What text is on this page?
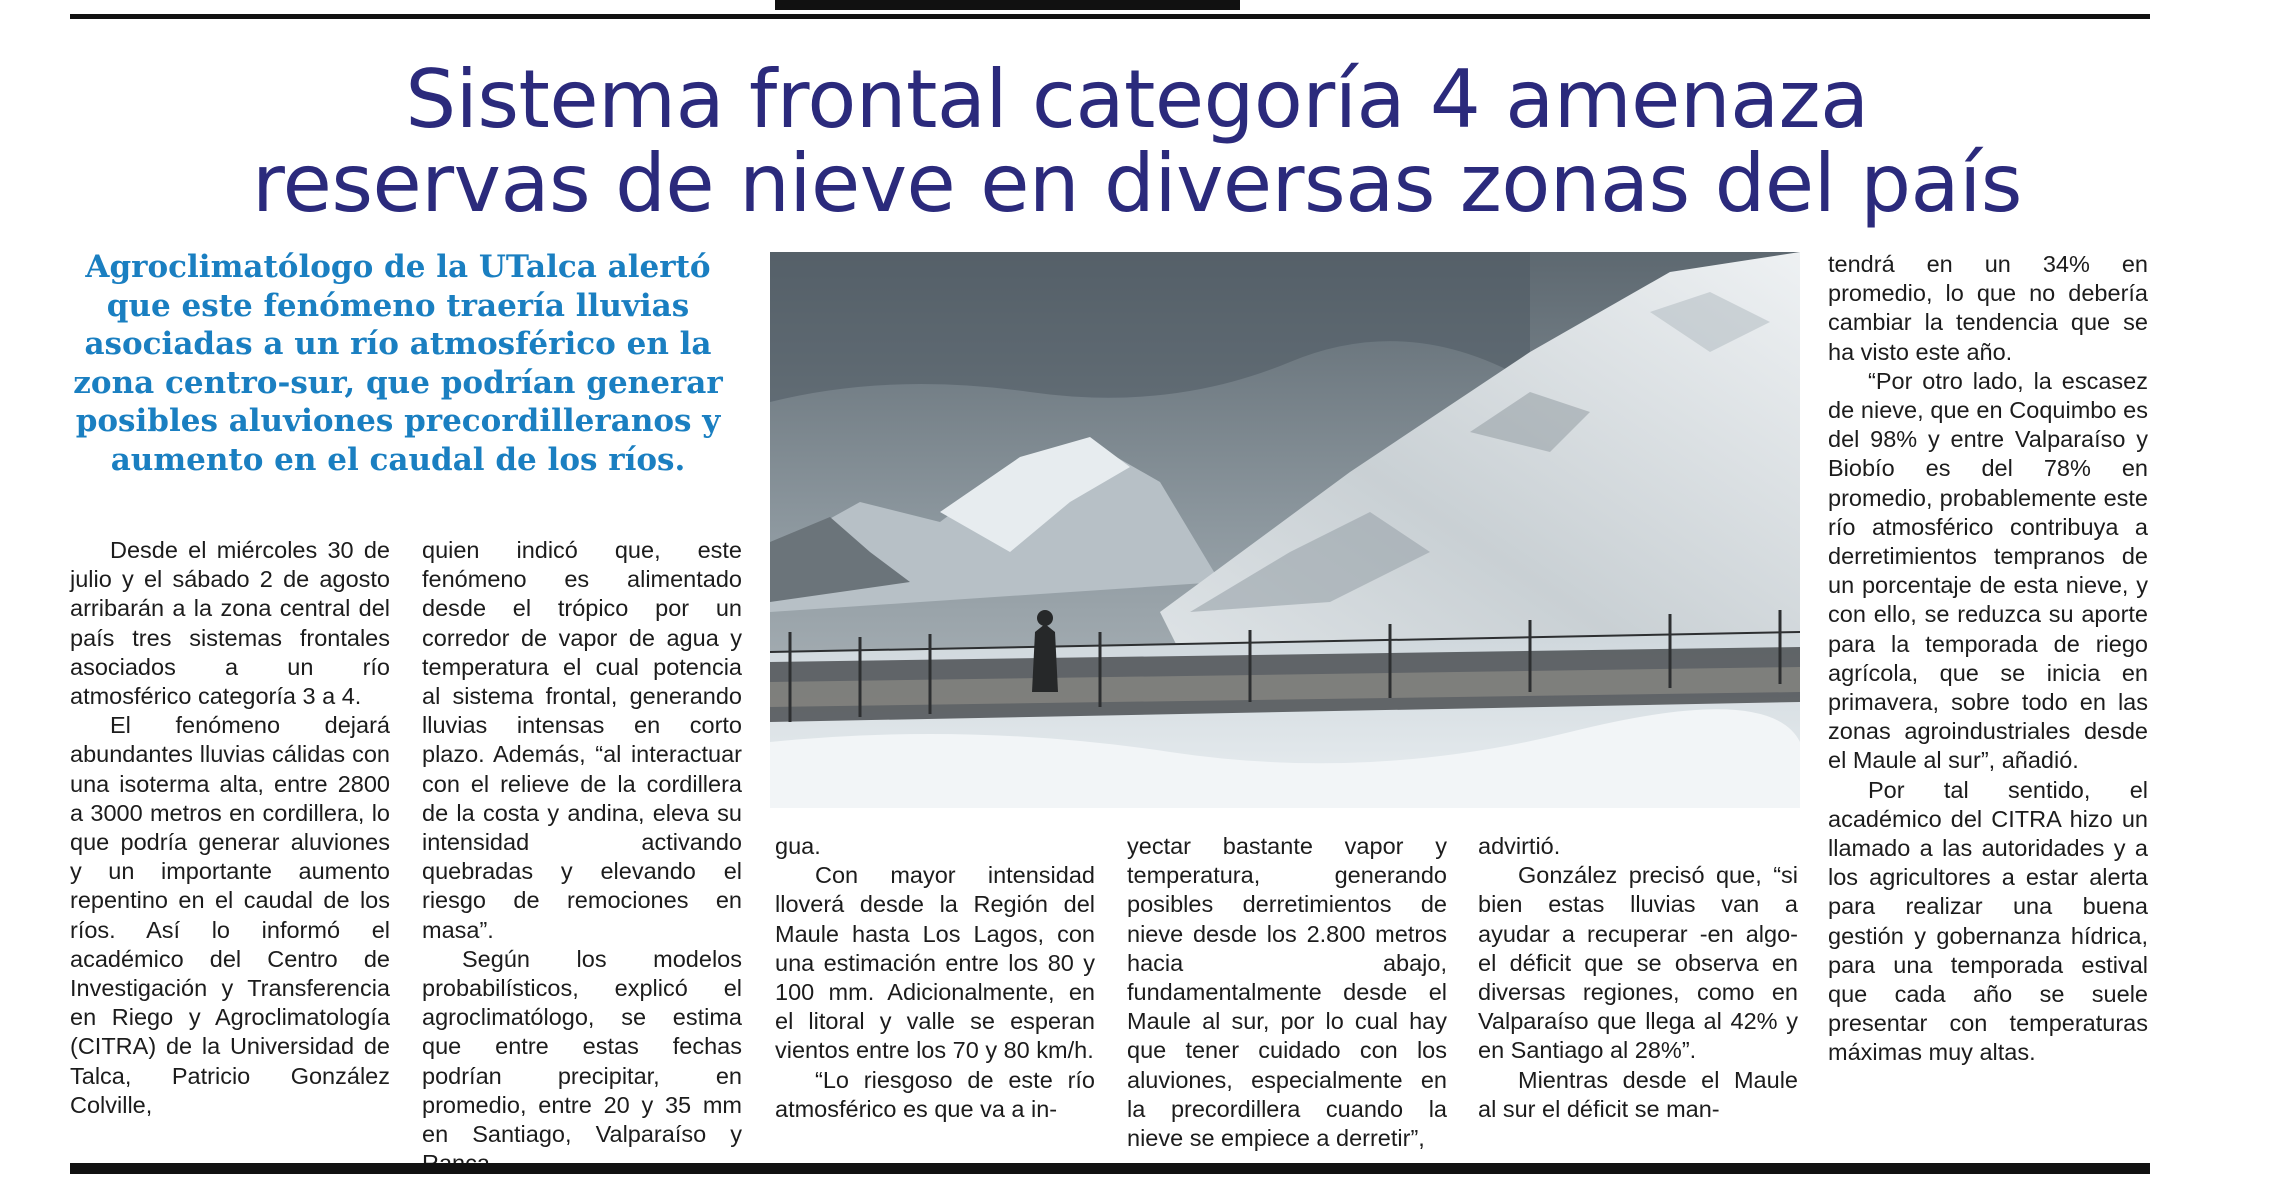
Sistema frontal categoría 4 amenaza
reservas de nieve en diversas zonas del país

Agroclimatólogo de la UTalca alertó que este fenómeno traería lluvias asociadas a un río atmosférico en la zona centro-sur, que podrían generar posibles aluviones precordilleranos y aumento en el caudal de los ríos.

Desde el miércoles 30 de julio y el sábado 2 de agosto arribarán a la zona central del país tres sistemas frontales asociados a un río atmosférico categoría 3 a 4.

El fenómeno dejará abundantes lluvias cálidas con una isoterma alta, entre 2800 a 3000 metros en cordillera, lo que podría generar aluviones y un importante aumento repentino en el caudal de los ríos. Así lo informó el académico del Centro de Investigación y Transferencia en Riego y Agroclimatología (CITRA) de la Universidad de Talca, Patricio González Colville,

quien indicó que, este fenómeno es alimentado desde el trópico por un corredor de vapor de agua y temperatura el cual potencia al sistema frontal, generando lluvias intensas en corto plazo. Además, “al interactuar con el relieve de la cordillera de la costa y andina, eleva su intensidad activando quebradas y elevando el riesgo de remociones en masa”.

Según los modelos probabilísticos, explicó el agroclimatólogo, se estima que entre estas fechas podrían precipitar, en promedio, entre 20 y 35 mm en Santiago, Valparaíso y

gua.

Con mayor intensidad lloverá desde la Región del Maule hasta Los Lagos, con una estimación entre los 80 y 100 mm. Adicionalmente, en el litoral y valle se esperan vientos entre los 70 y 80 km/h.

“Lo riesgoso de este río atmosférico es que va a in-

yectar bastante vapor y temperatura, generando posibles derretimientos de nieve desde los 2.800 metros hacia abajo, fundamentalmente desde el Maule al sur, por lo cual hay que tener cuidado con los aluviones, especialmente en la precordillera cuando la nieve se empiece a derretir”,

advirtió.

González precisó que, “si bien estas lluvias van a ayudar a recuperar -en algo- el déficit que se observa en diversas regiones, como en Valparaíso que llega al 42% y en Santiago al 28%”.

Mientras desde el Maule al sur el déficit se man-

tendrá en un 34% en promedio, lo que no debería cambiar la tendencia que se ha visto este año.

“Por otro lado, la escasez de nieve, que en Coquimbo es del 98% y entre Valparaíso y Biobío es del 78% en promedio, probablemente este río atmosférico contribuya a derretimientos tempranos de un porcentaje de esta nieve, y con ello, se reduzca su aporte para la temporada de riego agrícola, que se inicia en primavera, sobre todo en las zonas agroindustriales desde el Maule al sur”, añadió.

Por tal sentido, el académico del CITRA hizo un llamado a las autoridades y a los agricultores a estar alerta para realizar una buena gestión y gobernanza hídrica, para una temporada estival que cada año se suele presentar con temperaturas máximas muy altas.
